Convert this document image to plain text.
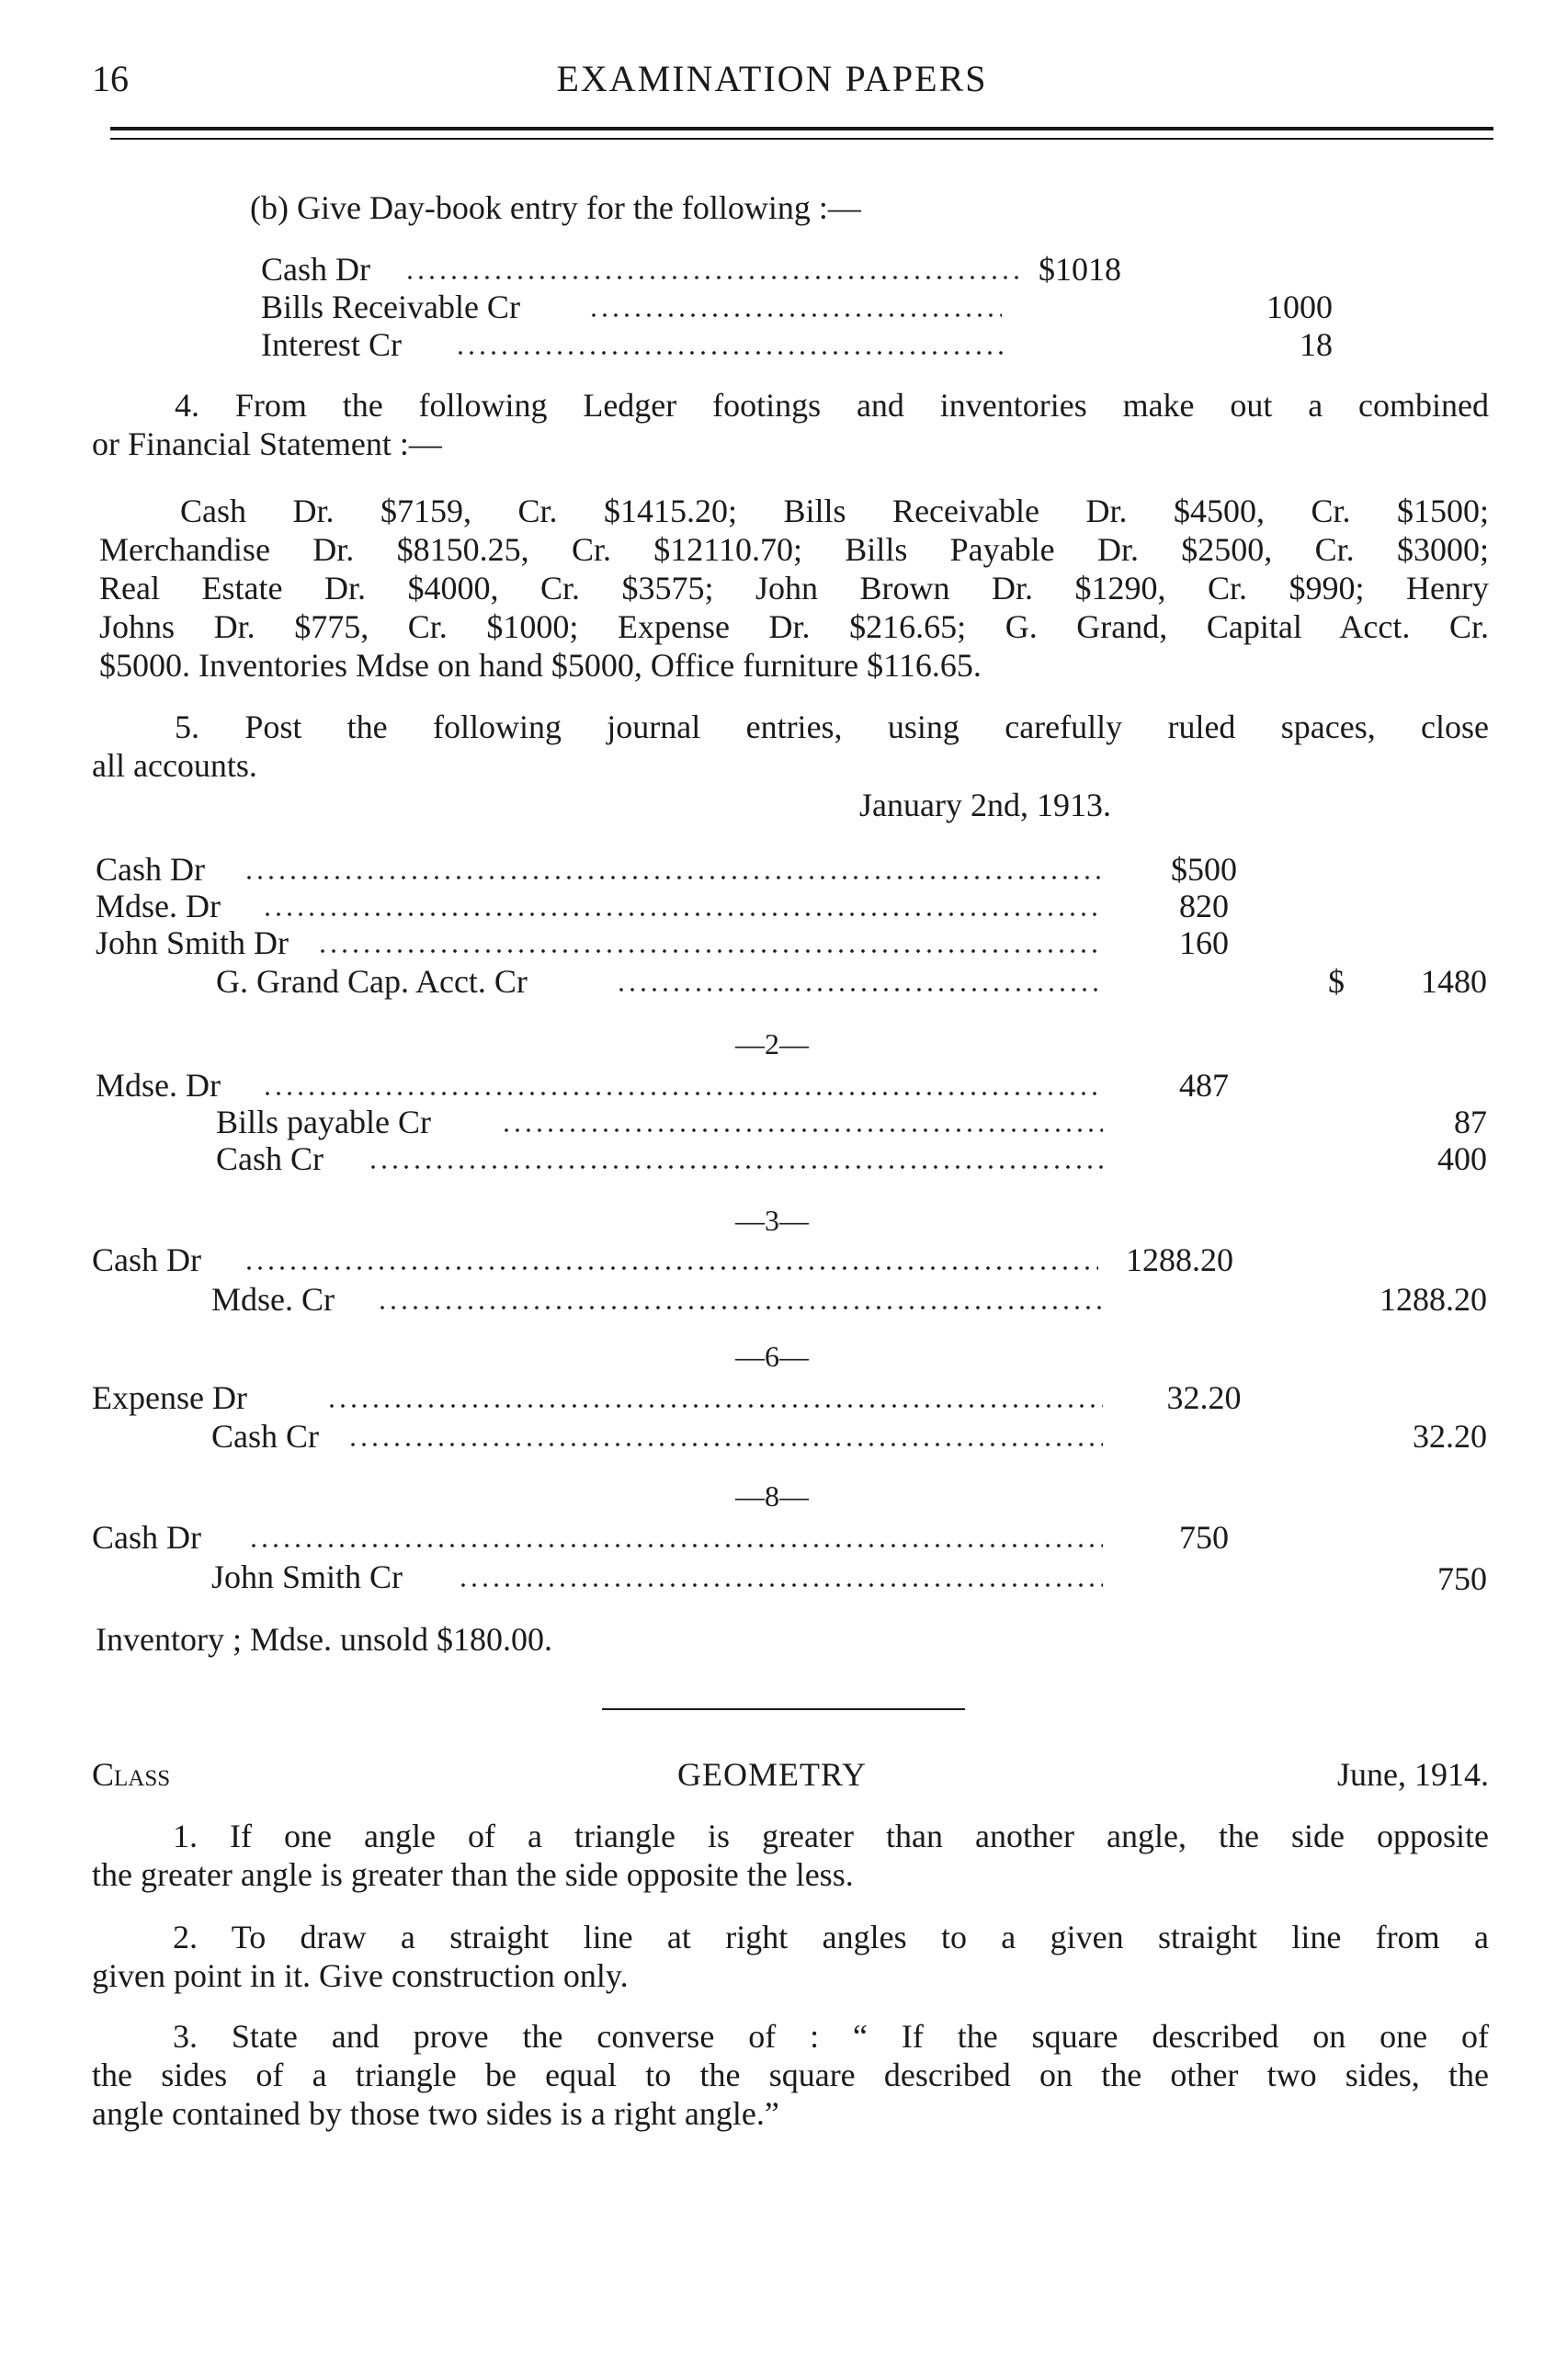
16	EXAMINATION PAPERS
(b) Give Day-book entry for the following :—
Cash Dr	$1018
Bills Receivable Cr	1000
Interest Cr	18
4. From the following Ledger footings and inventories make out a combined
or Financial Statement :—
Cash Dr. $7159, Cr. $1415.20; Bills Receivable Dr. $4500, Cr. $1500;
Merchandise Dr. $8150.25, Cr. $12110.70; Bills Payable Dr. $2500, Cr. $3000;
Real Estate Dr. $4000, Cr. $3575; John Brown Dr. $1290, Cr. $990; Henry
Johns Dr. $775, Cr. $1000; Expense Dr. $216.65; G. Grand, Capital Acct. Cr.
$5000. Inventories Mdse on hand $5000, Office furniture $116.65.
5. Post the following journal entries, using carefully ruled spaces, close
all accounts.
January 2nd, 1913.
Cash Dr	$500
Mdse. Dr	820
John Smith Dr	160
G. Grand Cap. Acct. Cr	$	1480
—2—
Mdse. Dr	487
Bills payable Cr	87
Cash Cr	400
—3—
Cash Dr	1288.20
Mdse. Cr	1288.20
—6—
Expense Dr	32.20
Cash Cr	32.20
—8—
Cash Dr	750
John Smith Cr	750
Inventory ; Mdse. unsold $180.00.
Class	GEOMETRY	June, 1914.
1. If one angle of a triangle is greater than another angle, the side opposite
the greater angle is greater than the side opposite the less.
2. To draw a straight line at right angles to a given straight line from a
given point in it. Give construction only.
3. State and prove the converse of : “ If the square described on one of
the sides of a triangle be equal to the square described on the other two sides, the
angle contained by those two sides is a right angle.”
